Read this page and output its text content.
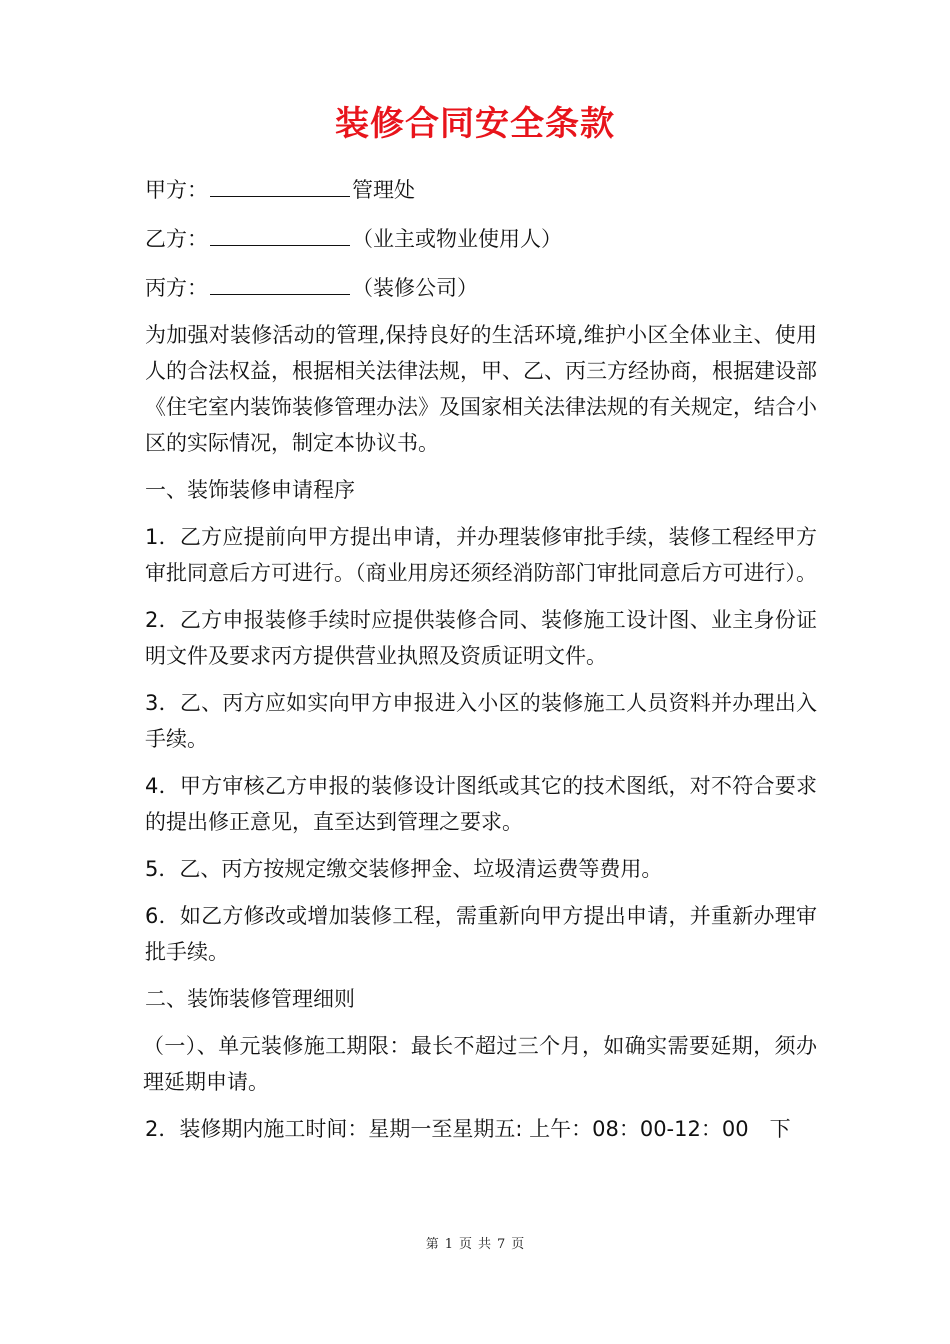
装修合同安全条款

甲方：	管理处

乙方：	（业主或物业使用人）

丙方：	（装修公司）

为加强对装修活动的管理,保持良好的生活环境,维护小区全体业主、使用人的合法权益，根据相关法律法规，甲、乙、丙三方经协商，根据建设部《住宅室内装饰装修管理办法》及国家相关法律法规的有关规定，结合小区的实际情况，制定本协议书。

一、装饰装修申请程序

1．乙方应提前向甲方提出申请，并办理装修审批手续，装修工程经甲方审批同意后方可进行。（商业用房还须经消防部门审批同意后方可进行）。

2．乙方申报装修手续时应提供装修合同、装修施工设计图、业主身份证明文件及要求丙方提供营业执照及资质证明文件。

3．乙、丙方应如实向甲方申报进入小区的装修施工人员资料并办理出入手续。

4．甲方审核乙方申报的装修设计图纸或其它的技术图纸，对不符合要求的提出修正意见，直至达到管理之要求。

5．乙、丙方按规定缴交装修押金、垃圾清运费等费用。

6．如乙方修改或增加装修工程，需重新向甲方提出申请，并重新办理审批手续。

二、装饰装修管理细则

（一）、单元装修施工期限：最长不超过三个月，如确实需要延期，须办理延期申请。

2．装修期内施工时间：星期一至星期五: 上午：08：00-12：00　下

第 1 页 共 7 页
